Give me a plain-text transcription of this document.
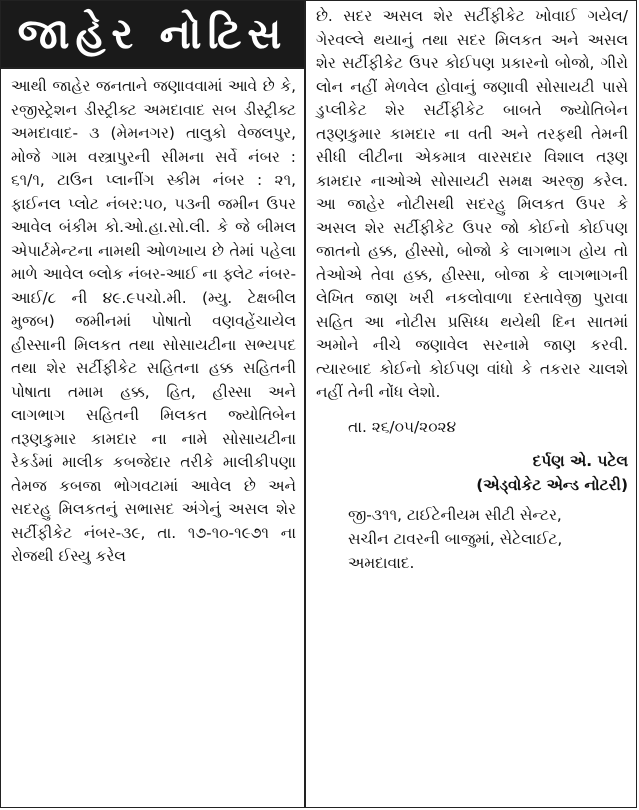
જાહેર નોટિસ
આથી જાહેર જનતાને જણાવવામાં આવે છે કે, રજીસ્ટ્રેશન ડીસ્ટ્રીક્ટ અમદાવાદ સબ ડીસ્ટ્રીક્ટ અમદાવાદ- ૩ (મેમનગર) તાલુકો વેજલપુર, મોજે ગામ વસ્ત્રાપુરની સીમના સર્વે નંબર : ૬૧/૧, ટાઉન પ્લાનીંગ સ્કીમ નંબર : ૨૧, ફાઈનલ પ્લોટ નંબર:૫૦, ૫૩ની જમીન ઉપર આવેલ બંકીમ કો.ઓ.હા.સો.લી. કે જે બીમલ એપાર્ટમેન્ટના નામથી ઓળખાય છે તેમાં પહેલા માળે આવેલ બ્લોક નંબર-આઈ ના ફ્લેટ નંબર-આઈ/૮ ની ૪૯.૯૫ચો.મી. (મ્યુ. ટેક્ષબીલ મુજબ) જમીનમાં પોષાતો વણવહેંચાયેલ હીસ્સાની મિલકત તથા સોસાયટીના સભ્યપદ તથા શેર સર્ટીફીકેટ સહિતના હક્ક સહિતની પોષાતા તમામ હક્ક, હિત, હીસ્સા અને લાગભાગ સહિતની મિલકત જ્યોતિબેન તરૂણકુમાર કામદાર ના નામે સોસાયટીના રેકર્ડમાં માલીક કબજેદાર તરીકે માલીકીપણા તેમજ કબજા ભોગવટામાં આવેલ છે અને સદરહુ મિલકતનું સભાસદ અંગેનું અસલ શેર સર્ટીફીકેટ નંબર-૩૯, તા. ૧૭-૧૦-૧૯૭૧ ના રોજથી ઈસ્યુ કરેલ
છે. સદર અસલ શેર સર્ટીફીકેટ ખોવાઈ ગયેલ/ગેરવલ્લે થયાનું તથા સદર મિલકત અને અસલ શેર સર્ટીફીકેટ ઉપર કોઈપણ પ્રકારનો બોજો, ગીરો લોન નહીં મેળવેલ હોવાનું જણાવી સોસાયટી પાસે ડુપ્લીકેટ શેર સર્ટીફીકેટ બાબતે જ્યોતિબેન તરૂણકુમાર કામદાર ના વતી અને તરફથી તેમની સીધી લીટીના એકમાત્ર વારસદાર વિશાલ તરૂણ કામદાર નાઓએ સોસાયટી સમક્ષ અરજી કરેલ. આ જાહેર નોટીસથી સદરહુ મિલકત ઉપર કે અસલ શેર સર્ટીફીકેટ ઉપર જો કોઈનો કોઈપણ જાતનો હક્ક, હીસ્સો, બોજો કે લાગભાગ હોય તો તેઓએ તેવા હક્ક, હીસ્સા, બોજા કે લાગભાગની લેખિત જાણ ખરી નકલોવાળા દસ્તાવેજી પુરાવા સહિત આ નોટીસ પ્રસિધ્ધ થયેથી દિન સાતમાં અમોને નીચે જણાવેલ સરનામે જાણ કરવી. ત્યારબાદ કોઈનો કોઈપણ વાંધો કે તકરાર ચાલશે નહીં તેની નોંધ લેશો.
તા. ૨૬/૦૫/૨૦૨૪
દર્પણ એ. પટેલ
(એડ્વોકેટ એન્ડ નોટરી)
જી-૩૧૧, ટાઈટેનીયમ સીટી સેન્ટર,
સચીન ટાવરની બાજુમાં, સેટેલાઈટ,
અમદાવાદ.
